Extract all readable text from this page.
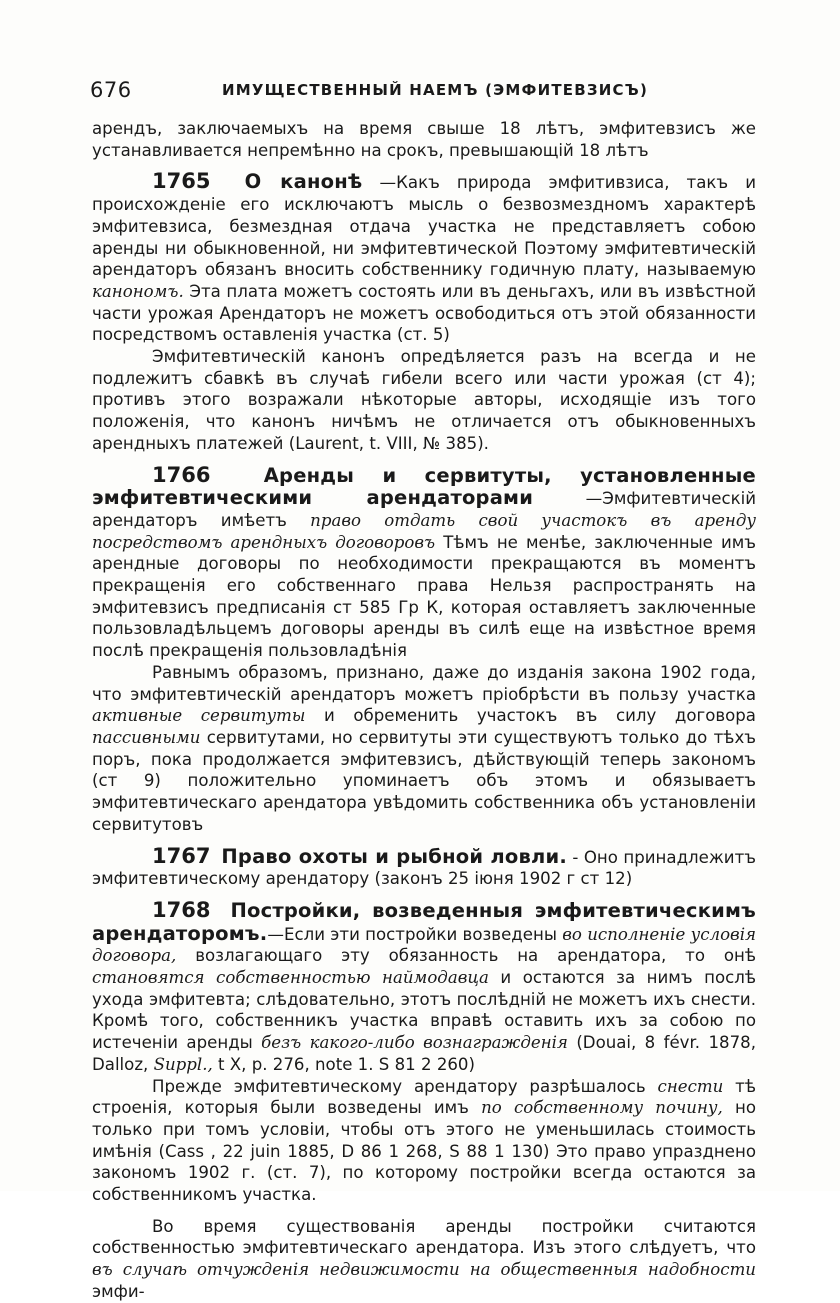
676	ИМУЩЕСТВЕННЫЙ НАЕМЪ (ЭМФИТЕВЗИСЪ)

арендъ, заключаемыхъ на время свыше 18 лѣтъ, эмфитевзисъ же устанавливается непремѣнно на срокъ, превышающій 18 лѣтъ

1765 О канонѣ —Какъ природа эмфитивзиса, такъ и происхожденіе его исключаютъ мысль о безвозмездномъ характерѣ эмфитевзиса, безмездная отдача участка не представляетъ собою аренды ни обыкновенной, ни эмфитевтической Поэтому эмфитевтическій арендаторъ обязанъ вносить собственнику годичную плату, называемую канономъ. Эта плата можетъ состоять или въ деньгахъ, или въ извѣстной части урожая Арендаторъ не можетъ освободиться отъ этой обязанности посредствомъ оставленія участка (ст. 5)

Эмфитевтическій канонъ опредѣляется разъ на всегда и не подлежитъ сбавкѣ въ случаѣ гибели всего или части урожая (ст 4); противъ этого возражали нѣкоторые авторы, исходящіе изъ того положенія, что канонъ ничѣмъ не отличается отъ обыкновенныхъ арендныхъ платежей (Laurent, t. VIII, № 385).

1766	Аренды и сервитуты, установленные эмфитевтическими арендаторами —Эмфитевтическій арендаторъ имѣетъ право отдать свой участокъ въ аренду посредствомъ арендныхъ договоровъ Тѣмъ не менѣе, заключенные имъ арендные договоры по необходимости прекращаются въ моментъ прекращенія его собственнаго права Нельзя распространять на эмфитевзисъ предписанія ст 585 Гр К, которая оставляетъ заключенные пользовладѣльцемъ договоры аренды въ силѣ еще на извѣстное время послѣ прекращенія пользовладѣнія

Равнымъ образомъ, признано, даже до изданія закона 1902 года, что эмфитевтическій арендаторъ можетъ пріобрѣсти въ пользу участка активные сервитуты и обременить участокъ въ силу договора пассивными сервитутами, но сервитуты эти существуютъ только до тѣхъ поръ, пока продолжается эмфитевзисъ, дѣйствующій теперь закономъ (ст 9) положительно упоминаетъ объ этомъ и обязываетъ эмфитевтическаго арендатора увѣдомить собственника объ установленіи сервитутовъ

1767 Право охоты и рыбной ловли. - Оно принадлежитъ эмфитевтическому арендатору (законъ 25 іюня 1902 г ст 12)

1768 Постройки, возведенныя эмфитевтическимъ арендаторомъ.—Если эти постройки возведены во исполненіе условія договора, возлагающаго эту обязанность на арендатора, то онѣ становятся собственностью наймодавца и остаются за нимъ послѣ ухода эмфитевта; слѣдовательно, этотъ послѣдній не можетъ ихъ снести. Кромѣ того, собственникъ участка вправѣ оставить ихъ за собою по истеченіи аренды безъ какого-либо вознагражденія (Douai, 8 févr. 1878, Dalloz, Suppl., t X, p. 276, note 1. S 81 2 260)

Прежде эмфитевтическому арендатору разрѣшалось снести тѣ строенія, которыя были возведены имъ по собственному почину, но только при томъ условіи, чтобы отъ этого не уменьшилась стоимость имѣнія (Cass , 22 juin 1885, D 86 1 268, S 88 1 130) Это право упразднено закономъ 1902 г. (ст. 7), по которому постройки всегда остаются за собственникомъ участка.

Во время существованія аренды постройки считаются собственностью эмфитевтическаго арендатора. Изъ этого слѣдуетъ, что въ случаѣ отчужденія недвижимости на общественныя надобности эмфи-
